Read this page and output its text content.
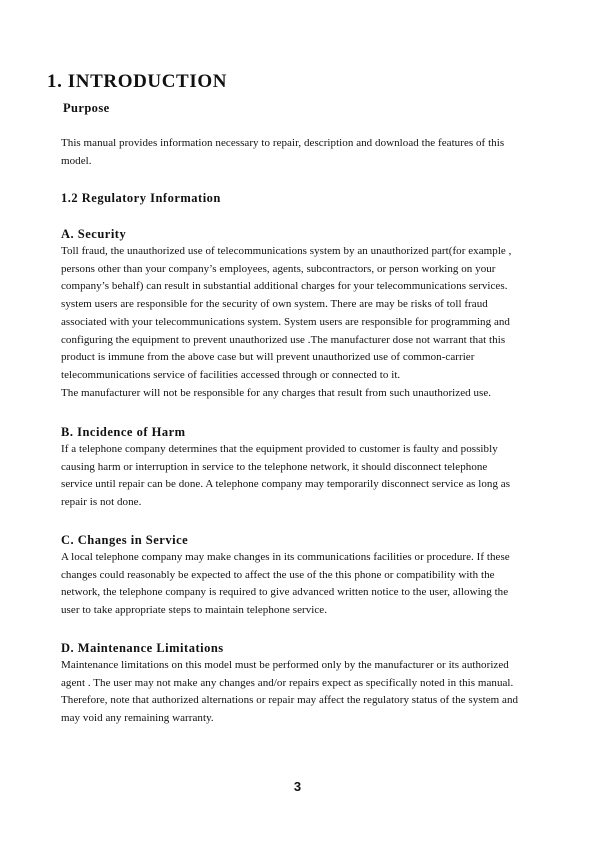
1. INTRODUCTION
Purpose

This manual provides information necessary to repair, description and download the features of this
model.

1.2 Regulatory Information
A. Security

Toll fraud, the unauthorized use of telecommunications system by an unauthorized part(for example ,
persons other than your company’s employees, agents, subcontractors, or person working on your
company’s behalf) can result in substantial additional charges for your telecommunications services.
system users are responsible for the security of own system. There are may be risks of toll fraud
associated with your telecommunications system. System users are responsible for programming and
configuring the equipment to prevent unauthorized use .The manufacturer dose not warrant that this
product is immune from the above case but will prevent unauthorized use of common-carrier
telecommunications service of facilities accessed through or connected to it.
The manufacturer will not be responsible for any charges that result from such unauthorized use.

B. Incidence of Harm

If a telephone company determines that the equipment provided to customer is faulty and possibly
causing harm or interruption in service to the telephone network, it should disconnect telephone
service until repair can be done. A telephone company may temporarily disconnect service as long as
repair is not done.

C. Changes in Service

A local telephone company may make changes in its communications facilities or procedure. If these
changes could reasonably be expected to affect the use of the this phone or compatibility with the
network, the telephone company is required to give advanced written notice to the user, allowing the
user to take appropriate steps to maintain telephone service.

D. Maintenance Limitations

Maintenance limitations on this model must be performed only by the manufacturer or its authorized
agent . The user may not make any changes and/or repairs expect as specifically noted in this manual.
Therefore, note that authorized alternations or repair may affect the regulatory status of the system and
may void any remaining warranty.

3
